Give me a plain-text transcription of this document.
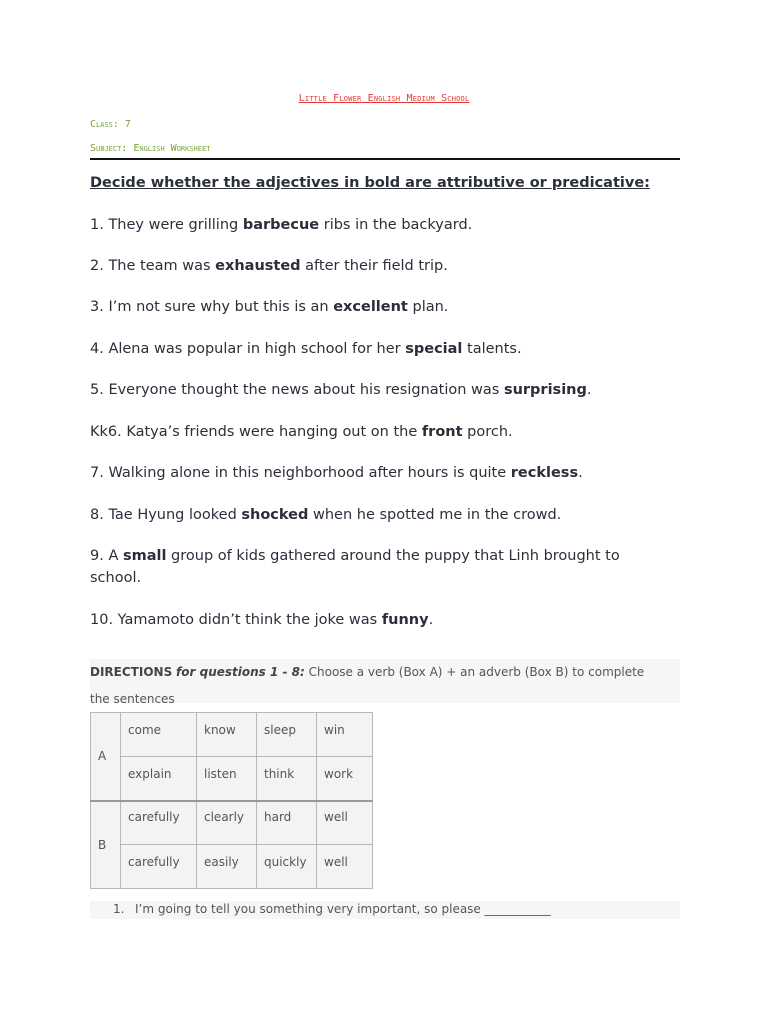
Little Flower English Medium School
Class: 7
Subject: English Worksheet
Decide whether the adjectives in bold are attributive or predicative:
1. They were grilling barbecue ribs in the backyard.
2. The team was exhausted after their field trip.
3. I’m not sure why but this is an excellent plan.
4. Alena was popular in high school for her special talents.
5. Everyone thought the news about his resignation was surprising.
Kk6. Katya’s friends were hanging out on the front porch.
7. Walking alone in this neighborhood after hours is quite reckless.
8. Tae Hyung looked shocked when he spotted me in the crowd.
9. A small group of kids gathered around the puppy that Linh brought to school.
10. Yamamoto didn’t think the joke was funny.
DIRECTIONS for questions 1 - 8: Choose a verb (Box A) + an adverb (Box B) to complete the sentences
A	come	know	sleep	win
	explain	listen	think	work
B	carefully	clearly	hard	well
	carefully	easily	quickly	well
1. I’m going to tell you something very important, so please ___________
